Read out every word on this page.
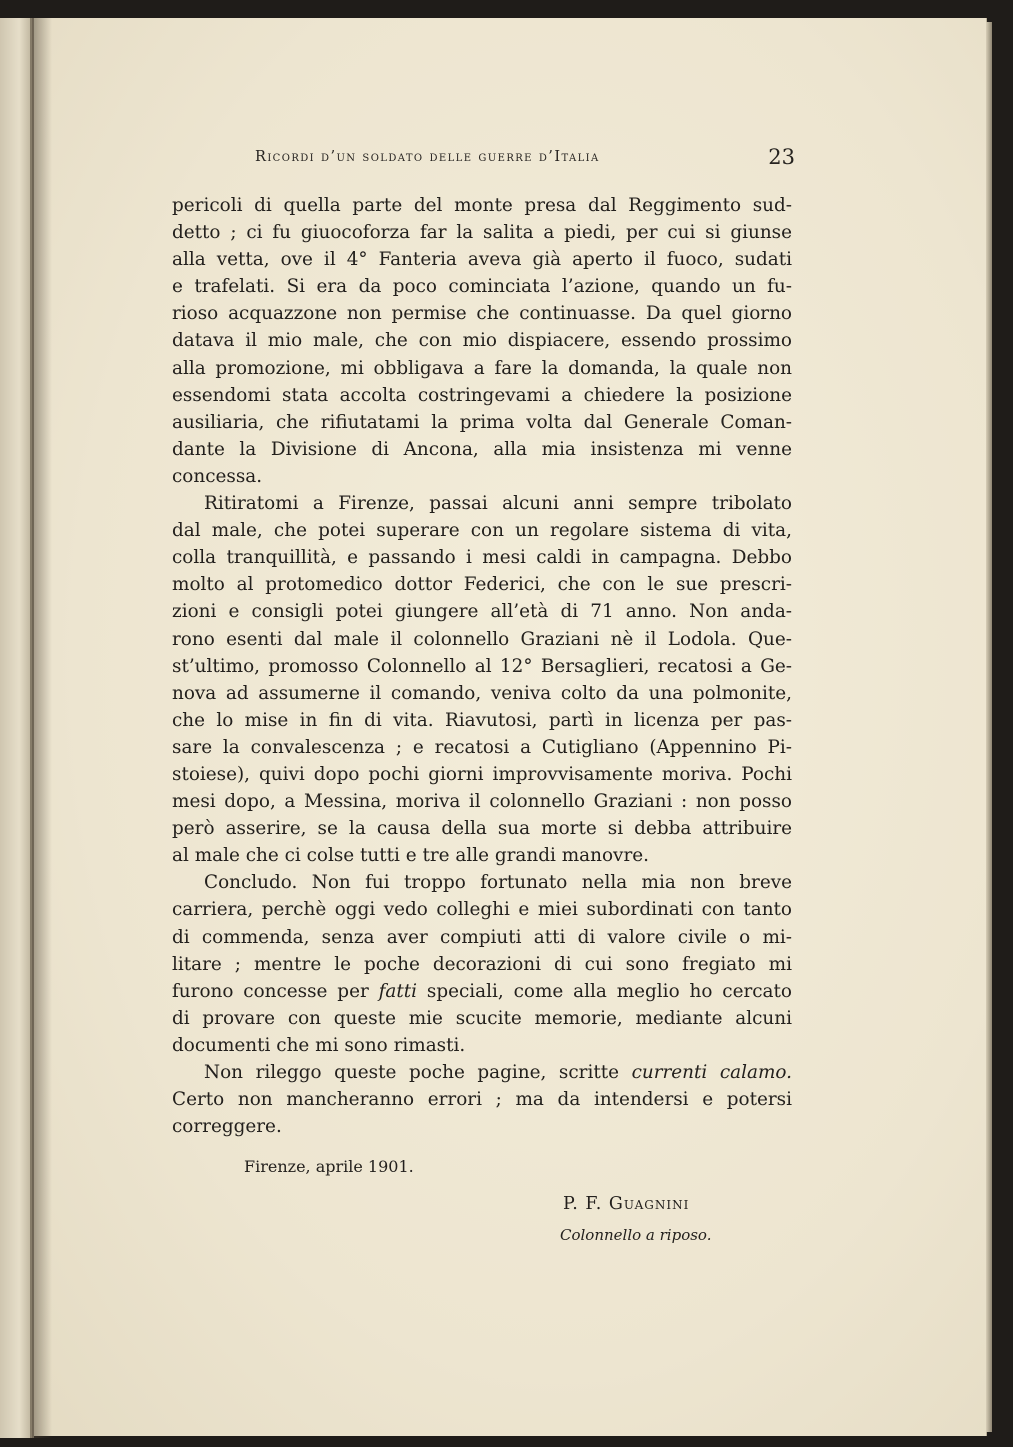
Ricordi d’un soldato delle guerre d’Italia	23
pericoli di quella parte del monte presa dal Reggimento sud-
detto ; ci fu giuocoforza far la salita a piedi, per cui si giunse
alla vetta, ove il 4° Fanteria aveva già aperto il fuoco, sudati
e trafelati. Si era da poco cominciata l’azione, quando un fu-
rioso acquazzone non permise che continuasse. Da quel giorno
datava il mio male, che con mio dispiacere, essendo prossimo
alla promozione, mi obbligava a fare la domanda, la quale non
essendomi stata accolta costringevami a chiedere la posizione
ausiliaria, che rifiutatami la prima volta dal Generale Coman-
dante la Divisione di Ancona, alla mia insistenza mi venne
concessa.
Ritiratomi a Firenze, passai alcuni anni sempre tribolato
dal male, che potei superare con un regolare sistema di vita,
colla tranquillità, e passando i mesi caldi in campagna. Debbo
molto al protomedico dottor Federici, che con le sue prescri-
zioni e consigli potei giungere all’età di 71 anno. Non anda-
rono esenti dal male il colonnello Graziani nè il Lodola. Que-
st’ultimo, promosso Colonnello al 12° Bersaglieri, recatosi a Ge-
nova ad assumerne il comando, veniva colto da una polmonite,
che lo mise in fin di vita. Riavutosi, partì in licenza per pas-
sare la convalescenza ; e recatosi a Cutigliano (Appennino Pi-
stoiese), quivi dopo pochi giorni improvvisamente moriva. Pochi
mesi dopo, a Messina, moriva il colonnello Graziani : non posso
però asserire, se la causa della sua morte si debba attribuire
al male che ci colse tutti e tre alle grandi manovre.
Concludo. Non fui troppo fortunato nella mia non breve
carriera, perchè oggi vedo colleghi e miei subordinati con tanto
di commenda, senza aver compiuti atti di valore civile o mi-
litare ; mentre le poche decorazioni di cui sono fregiato mi
furono concesse per fatti speciali, come alla meglio ho cercato
di provare con queste mie scucite memorie, mediante alcuni
documenti che mi sono rimasti.
Non rileggo queste poche pagine, scritte currenti calamo.
Certo non mancheranno errori ; ma da intendersi e potersi
correggere.
Firenze, aprile 1901.
P. F. Guagnini
Colonnello a riposo.
